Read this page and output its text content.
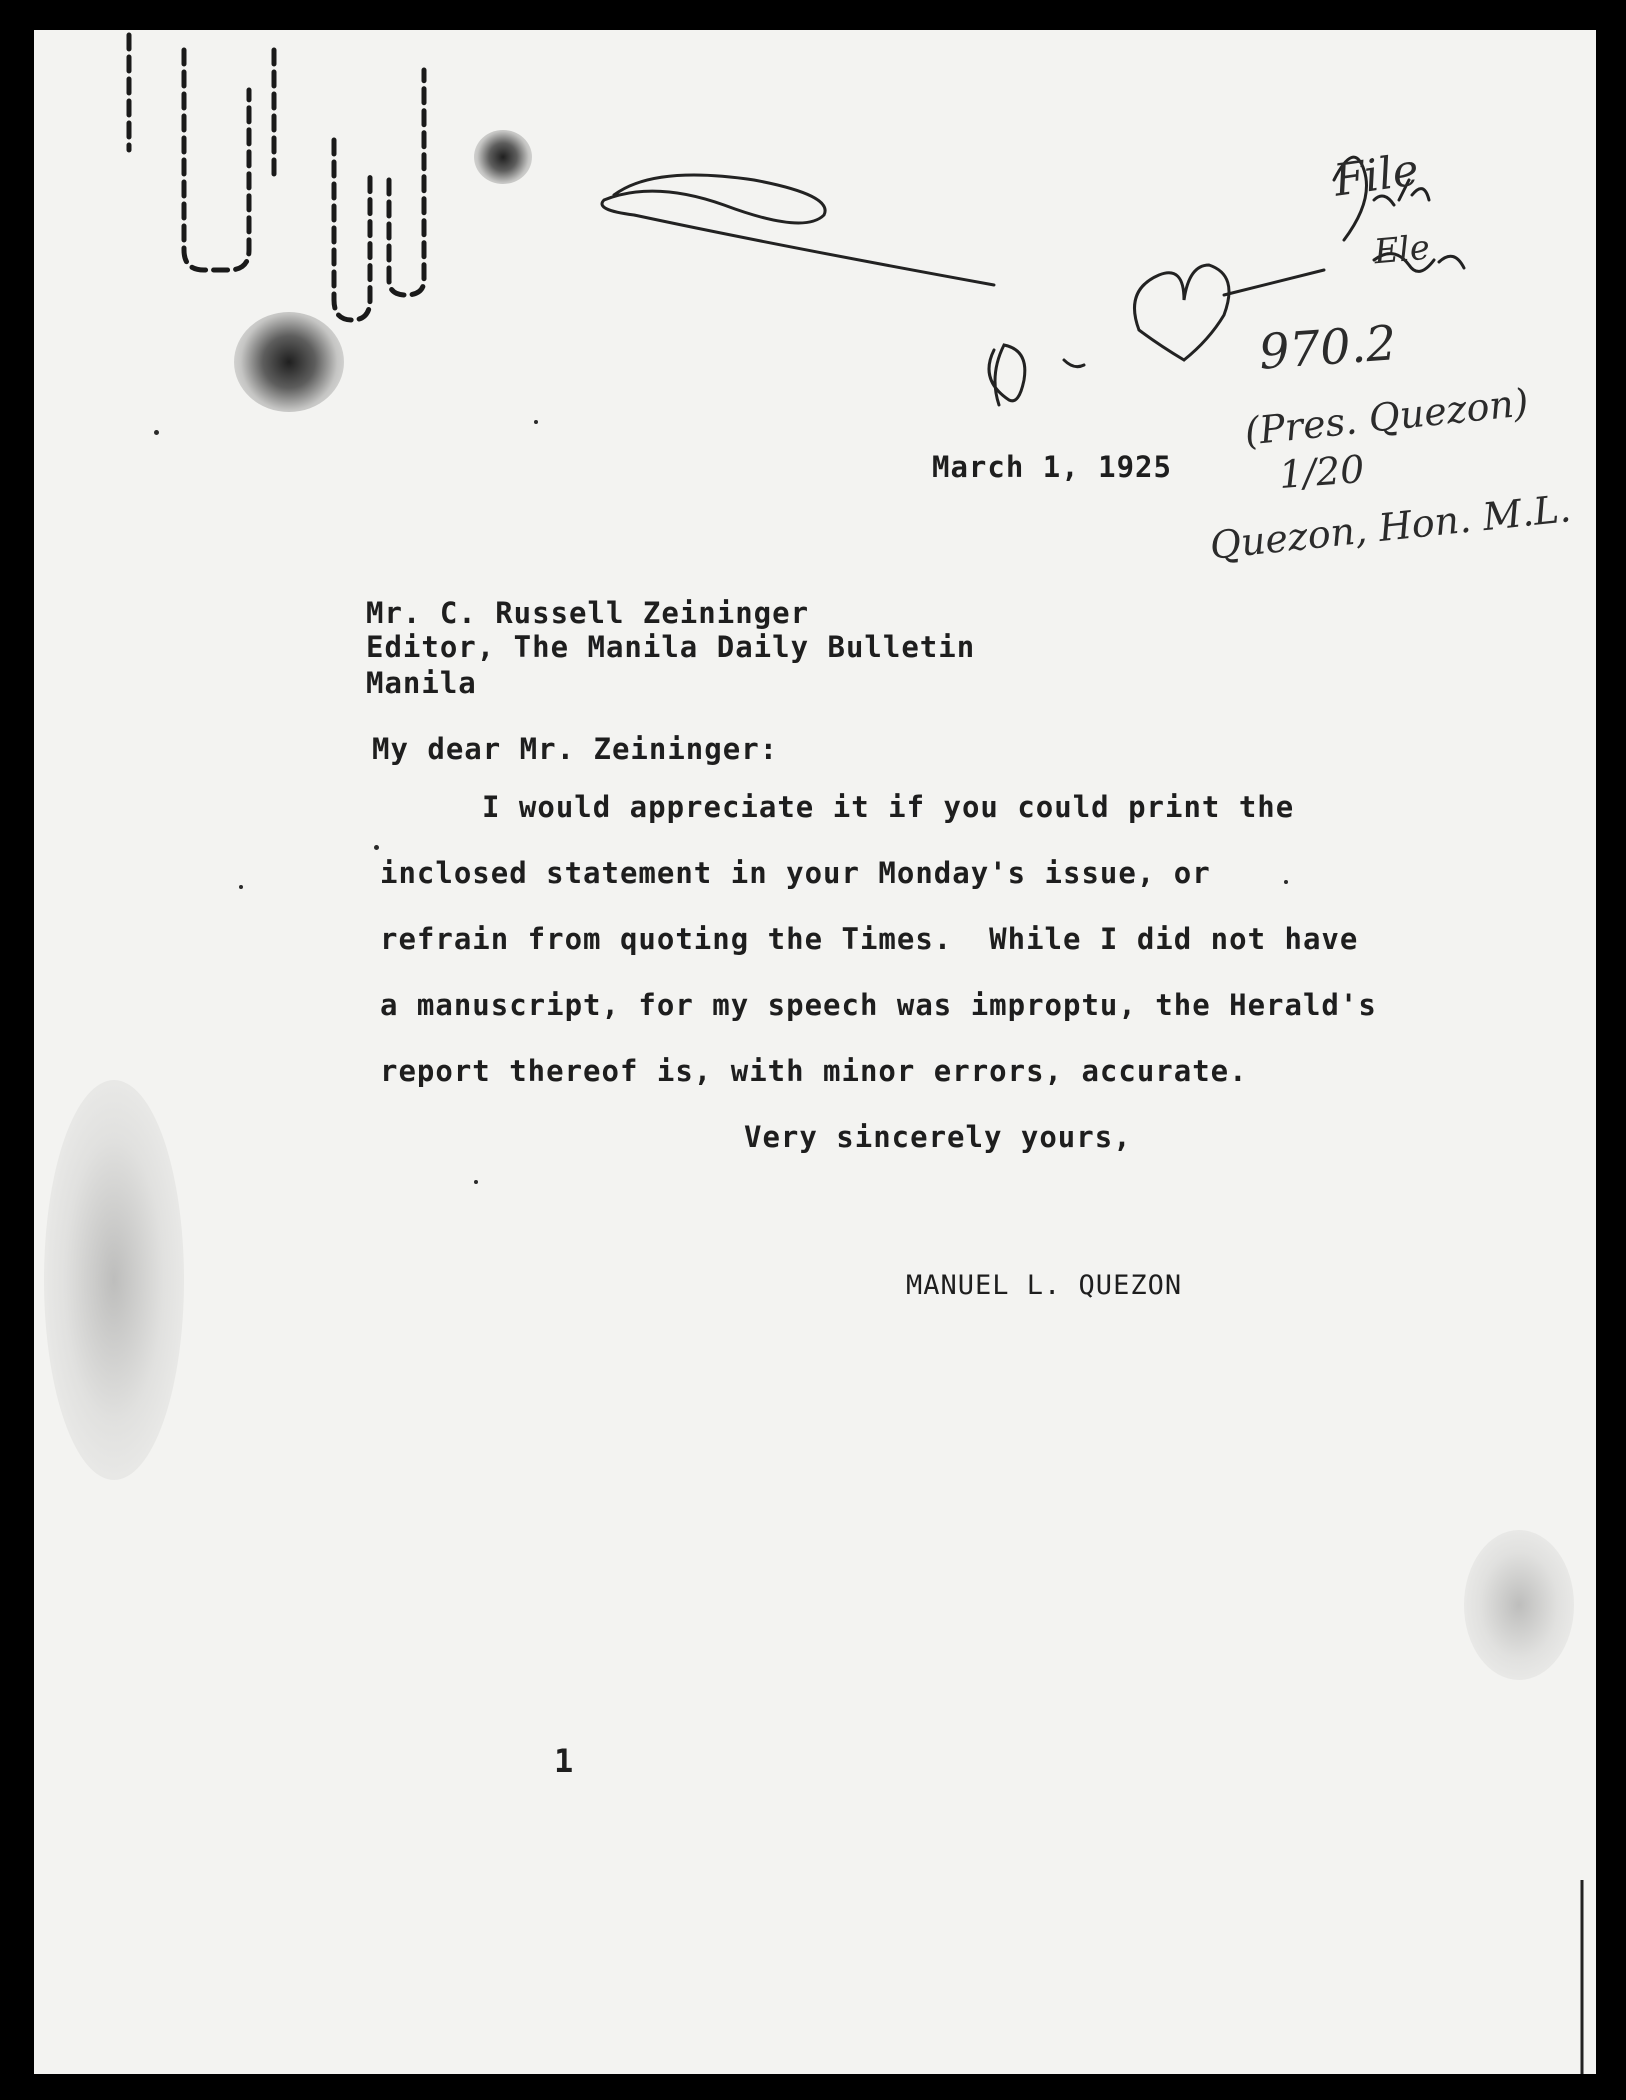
File
Ele
970.2
(Pres. Quezon)
1/20
Quezon, Hon. M.L.
March 1, 1925
Mr. C. Russell Zeininger
Editor, The Manila Daily Bulletin
Manila
My dear Mr. Zeininger:
I would appreciate it if you could print the
inclosed statement in your Monday's issue, or
refrain from quoting the Times.  While I did not have
a manuscript, for my speech was improptu, the Herald's
report thereof is, with minor errors, accurate.
Very sincerely yours,
MANUEL L. QUEZON
1
